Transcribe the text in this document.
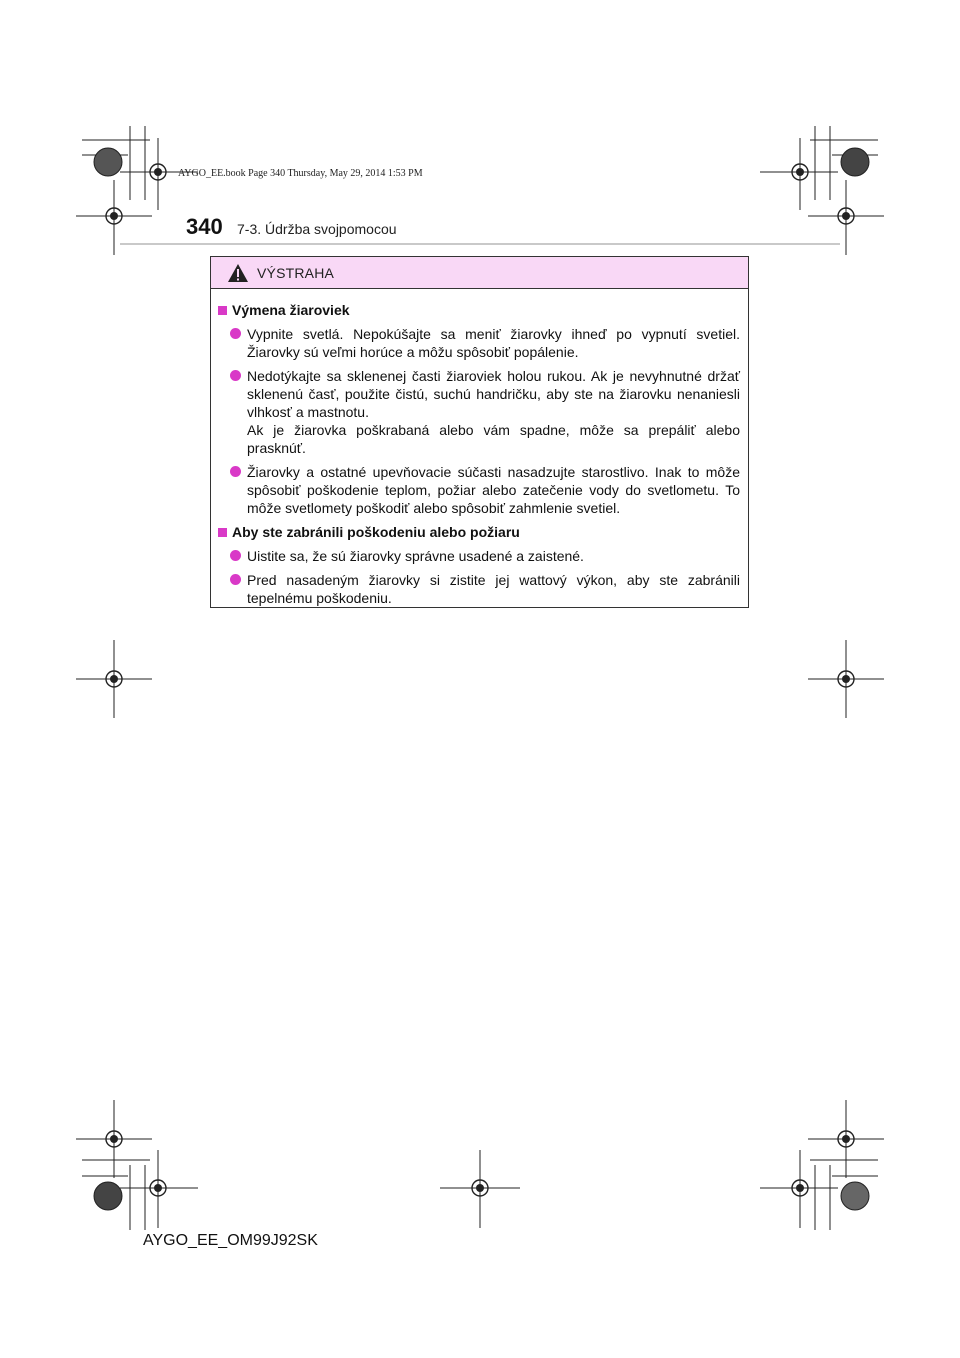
AYGO_EE.book Page 340 Thursday, May 29, 2014 1:53 PM
340 7-3. Údržba svojpomocou
VÝSTRAHA
Výmena žiaroviek
Vypnite svetlá. Nepokúšajte sa meniť žiarovky ihneď po vypnutí svetiel. Žiarovky sú veľmi horúce a môžu spôsobiť popálenie.
Nedotýkajte sa sklenenej časti žiaroviek holou rukou. Ak je nevyhnutné držať sklenenú časť, použite čistú, suchú handričku, aby ste na žiarovku nenaniesli vlhkosť a mastnotu.
Ak je žiarovka poškrabaná alebo vám spadne, môže sa prepáliť alebo prasknúť.
Žiarovky a ostatné upevňovacie súčasti nasadzujte starostlivo. Inak to môže spôsobiť poškodenie teplom, požiar alebo zatečenie vody do svetlometu. To môže svetlomety poškodiť alebo spôsobiť zahmlenie svetiel.
Aby ste zabránili poškodeniu alebo požiaru
Uistite sa, že sú žiarovky správne usadené a zaistené.
Pred nasadeným žiarovky si zistite jej wattový výkon, aby ste zabránili tepelnému poškodeniu.
AYGO_EE_OM99J92SK
